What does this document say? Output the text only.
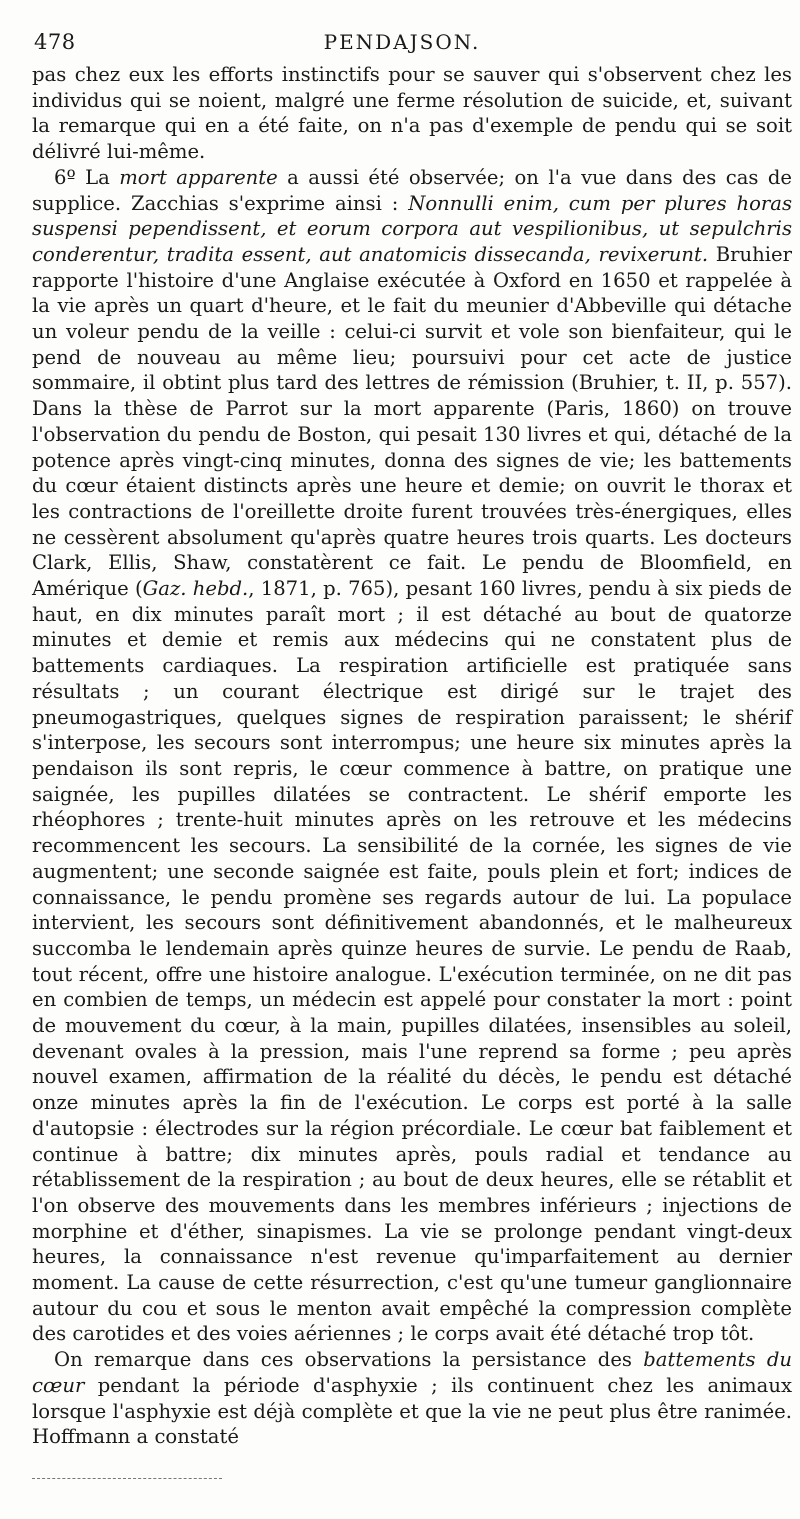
478	PENDAJSON.

pas chez eux les efforts instinctifs pour se sauver qui s'observent chez les individus qui se noient, malgré une ferme résolution de suicide, et, suivant la remarque qui en a été faite, on n'a pas d'exemple de pendu qui se soit délivré lui-même.

6º La mort apparente a aussi été observée; on l'a vue dans des cas de supplice. Zacchias s'exprime ainsi : Nonnulli enim, cum per plures horas suspensi pependissent, et eorum corpora aut vespilionibus, ut sepulchris conderentur, tradita essent, aut anatomicis dissecanda, revixerunt. Bruhier rapporte l'histoire d'une Anglaise exécutée à Oxford en 1650 et rappelée à la vie après un quart d'heure, et le fait du meunier d'Abbeville qui détache un voleur pendu de la veille : celui-ci survit et vole son bienfaiteur, qui le pend de nouveau au même lieu; poursuivi pour cet acte de justice sommaire, il obtint plus tard des lettres de rémission (Bruhier, t. II, p. 557). Dans la thèse de Parrot sur la mort apparente (Paris, 1860) on trouve l'observation du pendu de Boston, qui pesait 130 livres et qui, détaché de la potence après vingt-cinq minutes, donna des signes de vie; les battements du cœur étaient distincts après une heure et demie; on ouvrit le thorax et les contractions de l'oreillette droite furent trouvées très-énergiques, elles ne cessèrent absolument qu'après quatre heures trois quarts. Les docteurs Clark, Ellis, Shaw, constatèrent ce fait. Le pendu de Bloomfield, en Amérique (Gaz. hebd., 1871, p. 765), pesant 160 livres, pendu à six pieds de haut, en dix minutes paraît mort ; il est détaché au bout de quatorze minutes et demie et remis aux médecins qui ne constatent plus de battements cardiaques. La respiration artificielle est pratiquée sans résultats ; un courant électrique est dirigé sur le trajet des pneumogastriques, quelques signes de respiration paraissent; le shérif s'interpose, les secours sont interrompus; une heure six minutes après la pendaison ils sont repris, le cœur commence à battre, on pratique une saignée, les pupilles dilatées se contractent. Le shérif emporte les rhéophores ; trente-huit minutes après on les retrouve et les médecins recommencent les secours. La sensibilité de la cornée, les signes de vie augmentent; une seconde saignée est faite, pouls plein et fort; indices de connaissance, le pendu promène ses regards autour de lui. La populace intervient, les secours sont définitivement abandonnés, et le malheureux succomba le lendemain après quinze heures de survie. Le pendu de Raab, tout récent, offre une histoire analogue. L'exécution terminée, on ne dit pas en combien de temps, un médecin est appelé pour constater la mort : point de mouvement du cœur, à la main, pupilles dilatées, insensibles au soleil, devenant ovales à la pression, mais l'une reprend sa forme ; peu après nouvel examen, affirmation de la réalité du décès, le pendu est détaché onze minutes après la fin de l'exécution. Le corps est porté à la salle d'autopsie : électrodes sur la région précordiale. Le cœur bat faiblement et continue à battre; dix minutes après, pouls radial et tendance au rétablissement de la respiration ; au bout de deux heures, elle se rétablit et l'on observe des mouvements dans les membres inférieurs ; injections de morphine et d'éther, sinapismes. La vie se prolonge pendant vingt-deux heures, la connaissance n'est revenue qu'imparfaitement au dernier moment. La cause de cette résurrection, c'est qu'une tumeur ganglionnaire autour du cou et sous le menton avait empêché la compression complète des carotides et des voies aériennes ; le corps avait été détaché trop tôt.

On remarque dans ces observations la persistance des battements du cœur pendant la période d'asphyxie ; ils continuent chez les animaux lorsque l'asphyxie est déjà complète et que la vie ne peut plus être ranimée. Hoffmann a constaté
